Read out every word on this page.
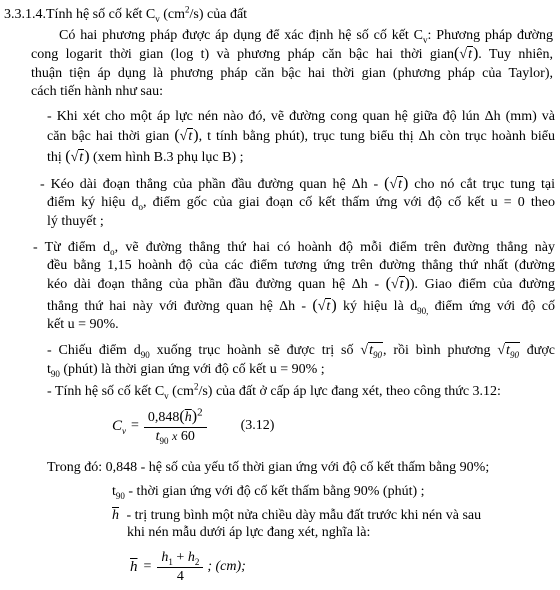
3.3.1.4.Tính hệ số cố kết $C_v$ $(cm^2/s)$ của đất
Có hai phương pháp được áp dụng để xác định hệ số cố kết $C_v$: Phương pháp đường
cong logarit thời gian (log t) và phương pháp căn bậc hai thời gian(√t). Tuy nhiên,
thuận tiện áp dụng là phương pháp căn bậc hai thời gian (phương pháp của Taylor),
cách tiến hành như sau:
- Khi xét cho một áp lực nén nào đó, vẽ đường cong quan hệ giữa độ lún Δh (mm) và
căn bậc hai thời gian (√t), t tính bằng phút), trục tung biểu thị Δh còn trục hoành biểu
thị (√t) (xem hình B.3 phụ lục B) ;
- Kéo dài đoạn thẳng của phần đầu đường quan hệ Δh - (√t) cho nó cắt trục tung tại
điểm ký hiệu $d_o$, điểm gốc của giai đoạn cố kết thấm ứng với độ cố kết u = 0 theo
lý thuyết ;
- Từ điểm $d_o$, vẽ đường thẳng thứ hai có hoành độ mỗi điểm trên đường thẳng này
đều bằng 1,15 hoành độ của các điểm tương ứng trên đường thẳng thứ nhất (đường
kéo dài đoạn thẳng của phần đầu đường quan hệ Δh - (√t)). Giao điểm của đường
thẳng thứ hai này với đường quan hệ Δh - (√t) ký hiệu là $d_{90,}$ điểm ứng với độ cố
kết u = 90%.
- Chiếu điểm $d_{90}$ xuống trục hoành sẽ được trị số $√t_{90}$, rồi bình phương $√t_{90}$ được
$t_{90}$ (phút) là thời gian ứng với độ cố kết u = 90% ;
- Tính hệ số cố kết $C_v$ $(cm^2/s)$ của đất ở cấp áp lực đang xét, theo công thức 3.12:
$C_v = \frac{0,848(\overline{h})^2}{t_{90} x 60} (3.12)$
Trong đó: 0,848 - hệ số của yếu tố thời gian ứng với độ cố kết thấm bằng 90%;
$t_{90}$ - thời gian ứng với độ cố kết thấm bằng 90% (phút) ;
$\overline{h}$ - trị trung bình một nửa chiều dày mẫu đất trước khi nén và sau
khi nén mẫu dưới áp lực đang xét, nghĩa là:
$\overline{h} = \frac{h_1 + h_2}{4}$ ; (cm);
